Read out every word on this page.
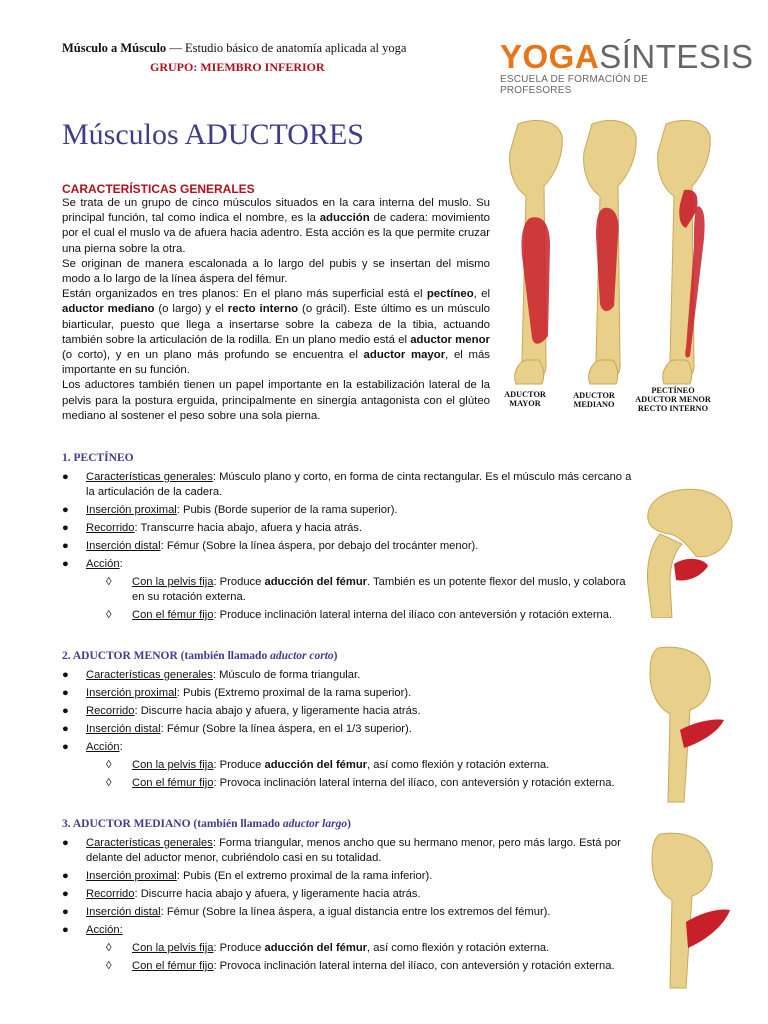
Músculo a Músculo — Estudio básico de anatomía aplicada al yoga
GRUPO: MIEMBRO INFERIOR	YOGASÍNTESIS
ESCUELA DE FORMACIÓN DE PROFESORES
Músculos ADUCTORES
CARACTERÍSTICAS GENERALES

Se trata de un grupo de cinco músculos situados en la cara interna del muslo. Su principal función, tal como indica el nombre, es la aducción de cadera: movimiento por el cual el muslo va de afuera hacia adentro. Esta acción es la que permite cruzar una pierna sobre la otra.

Se originan de manera escalonada a lo largo del pubis y se insertan del mismo modo a lo largo de la línea áspera del fémur.

Están organizados en tres planos: En el plano más superficial está el pectíneo, el aductor mediano (o largo) y el recto interno (o grácil). Este último es un músculo biarticular, puesto que llega a insertarse sobre la cabeza de la tibia, actuando también sobre la articulación de la rodilla. En un plano medio está el aductor menor (o corto), y en un plano más profundo se encuentra el aductor mayor, el más importante en su función.

Los aductores también tienen un papel importante en la estabilización lateral de la pelvis para la postura erguida, principalmente en sinergia antagonista con el glúteo mediano al sostener el peso sobre una sola pierna.

ADUCTOR
MAYOR
ADUCTOR
MEDIANO
PECTÍNEO
ADUCTOR MENOR
RECTO INTERNO
1. PECTÍNEO
● Características generales: Músculo plano y corto, en forma de cinta rectangular. Es el músculo más cercano a la articulación de la cadera.
● Inserción proximal: Pubis (Borde superior de la rama superior).
● Recorrido: Transcurre hacia abajo, afuera y hacia atrás.
● Inserción distal: Fémur (Sobre la línea áspera, por debajo del trocánter menor).
● Acción:
◊ Con la pelvis fija: Produce aducción del fémur. También es un potente flexor del muslo, y colabora en su rotación externa.
◊ Con el fémur fijo: Produce inclinación lateral interna del ilíaco con anteversión y rotación externa.
2. ADUCTOR MENOR (también llamado aductor corto)
● Características generales: Músculo de forma triangular.
● Inserción proximal: Pubis (Extremo proximal de la rama superior).
● Recorrido: Discurre hacia abajo y afuera, y ligeramente hacia atrás.
● Inserción distal: Fémur (Sobre la línea áspera, en el 1/3 superior).
● Acción:
◊ Con la pelvis fija: Produce aducción del fémur, así como flexión y rotación externa.
◊ Con el fémur fijo: Provoca inclinación lateral interna del ilíaco, con anteversión y rotación externa.
3. ADUCTOR MEDIANO (también llamado aductor largo)
● Características generales: Forma triangular, menos ancho que su hermano menor, pero más largo. Está por delante del aductor menor, cubriéndolo casi en su totalidad.
● Inserción proximal: Pubis (En el extremo proximal de la rama inferior).
● Recorrido: Discurre hacia abajo y afuera, y ligeramente hacia atrás.
● Inserción distal: Fémur (Sobre la línea áspera, a igual distancia entre los extremos del fémur).
● Acción:
◊ Con la pelvis fija: Produce aducción del fémur, así como flexión y rotación externa.
◊ Con el fémur fijo: Provoca inclinación lateral interna del ilíaco, con anteversión y rotación externa.
